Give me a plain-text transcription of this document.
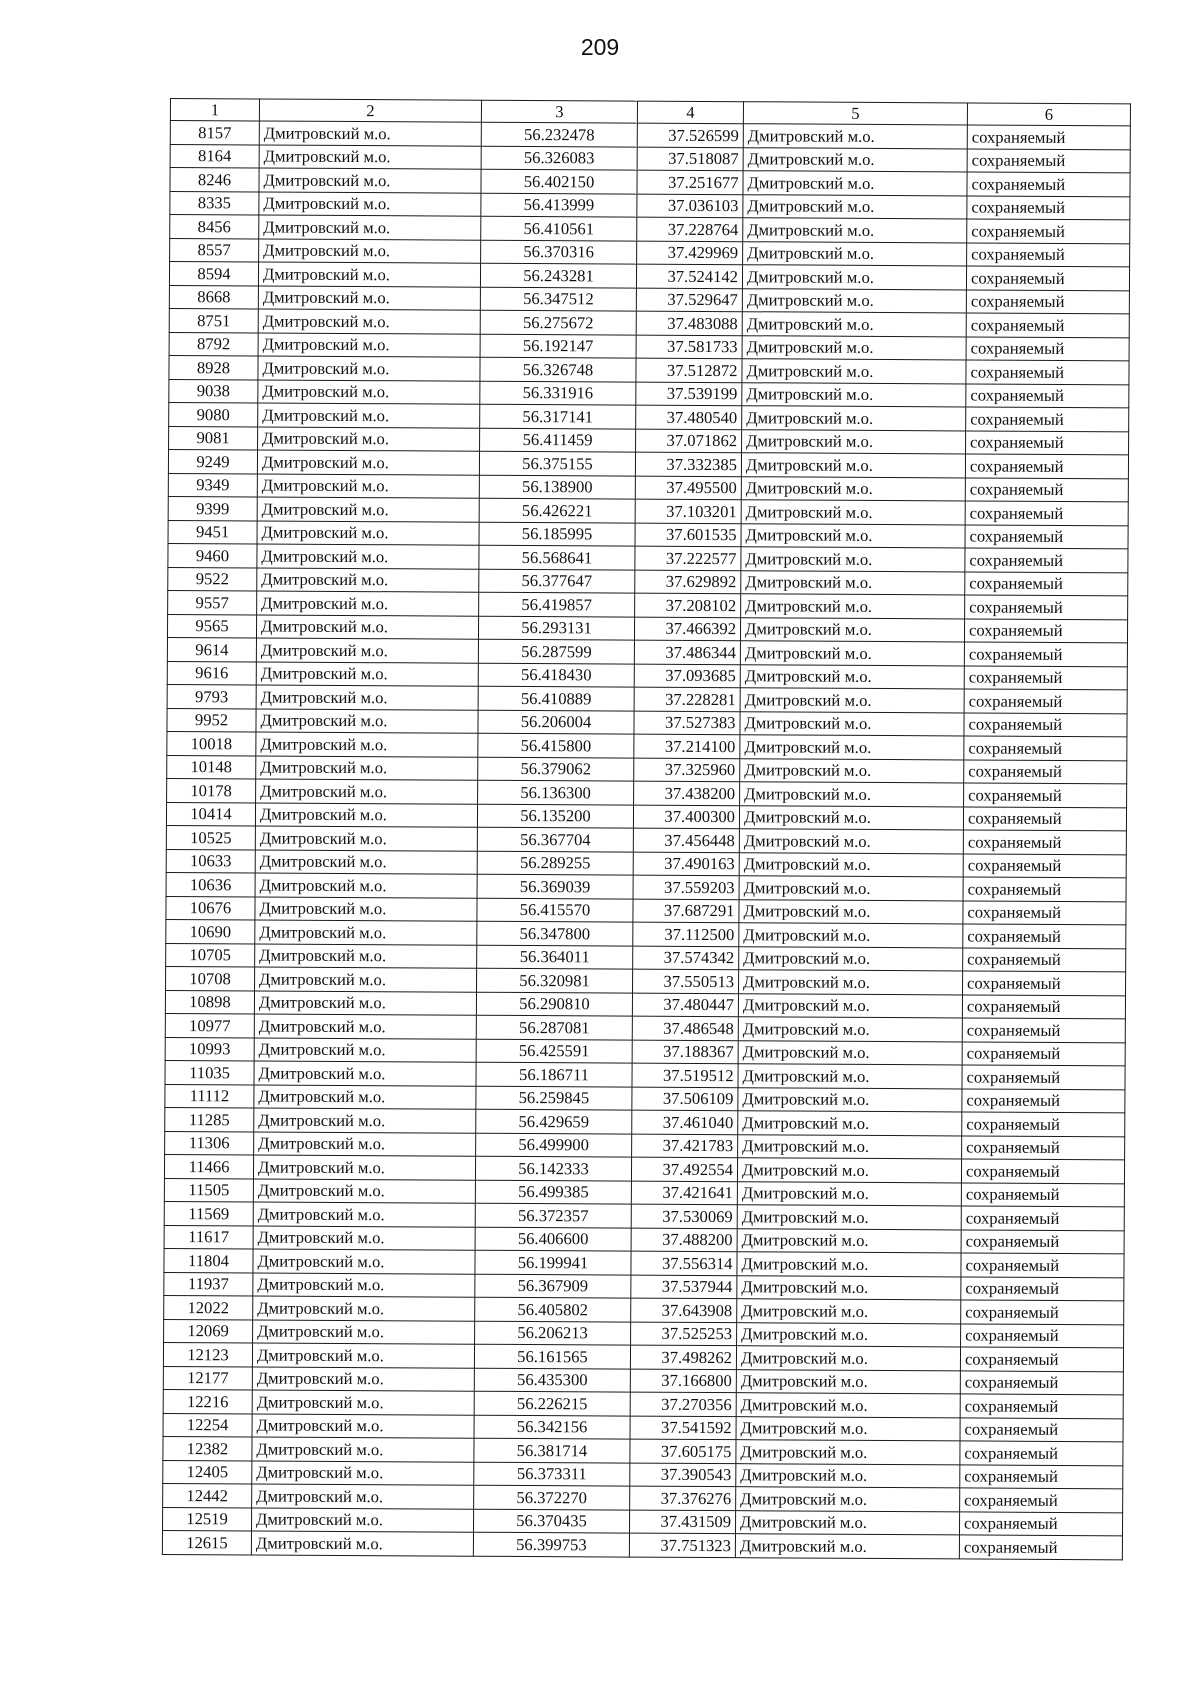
209
1	2	3	4	5	6
8157	Дмитровский м.о.	56.232478	37.526599	Дмитровский м.о.	сохраняемый
8164	Дмитровский м.о.	56.326083	37.518087	Дмитровский м.о.	сохраняемый
8246	Дмитровский м.о.	56.402150	37.251677	Дмитровский м.о.	сохраняемый
8335	Дмитровский м.о.	56.413999	37.036103	Дмитровский м.о.	сохраняемый
8456	Дмитровский м.о.	56.410561	37.228764	Дмитровский м.о.	сохраняемый
8557	Дмитровский м.о.	56.370316	37.429969	Дмитровский м.о.	сохраняемый
8594	Дмитровский м.о.	56.243281	37.524142	Дмитровский м.о.	сохраняемый
8668	Дмитровский м.о.	56.347512	37.529647	Дмитровский м.о.	сохраняемый
8751	Дмитровский м.о.	56.275672	37.483088	Дмитровский м.о.	сохраняемый
8792	Дмитровский м.о.	56.192147	37.581733	Дмитровский м.о.	сохраняемый
8928	Дмитровский м.о.	56.326748	37.512872	Дмитровский м.о.	сохраняемый
9038	Дмитровский м.о.	56.331916	37.539199	Дмитровский м.о.	сохраняемый
9080	Дмитровский м.о.	56.317141	37.480540	Дмитровский м.о.	сохраняемый
9081	Дмитровский м.о.	56.411459	37.071862	Дмитровский м.о.	сохраняемый
9249	Дмитровский м.о.	56.375155	37.332385	Дмитровский м.о.	сохраняемый
9349	Дмитровский м.о.	56.138900	37.495500	Дмитровский м.о.	сохраняемый
9399	Дмитровский м.о.	56.426221	37.103201	Дмитровский м.о.	сохраняемый
9451	Дмитровский м.о.	56.185995	37.601535	Дмитровский м.о.	сохраняемый
9460	Дмитровский м.о.	56.568641	37.222577	Дмитровский м.о.	сохраняемый
9522	Дмитровский м.о.	56.377647	37.629892	Дмитровский м.о.	сохраняемый
9557	Дмитровский м.о.	56.419857	37.208102	Дмитровский м.о.	сохраняемый
9565	Дмитровский м.о.	56.293131	37.466392	Дмитровский м.о.	сохраняемый
9614	Дмитровский м.о.	56.287599	37.486344	Дмитровский м.о.	сохраняемый
9616	Дмитровский м.о.	56.418430	37.093685	Дмитровский м.о.	сохраняемый
9793	Дмитровский м.о.	56.410889	37.228281	Дмитровский м.о.	сохраняемый
9952	Дмитровский м.о.	56.206004	37.527383	Дмитровский м.о.	сохраняемый
10018	Дмитровский м.о.	56.415800	37.214100	Дмитровский м.о.	сохраняемый
10148	Дмитровский м.о.	56.379062	37.325960	Дмитровский м.о.	сохраняемый
10178	Дмитровский м.о.	56.136300	37.438200	Дмитровский м.о.	сохраняемый
10414	Дмитровский м.о.	56.135200	37.400300	Дмитровский м.о.	сохраняемый
10525	Дмитровский м.о.	56.367704	37.456448	Дмитровский м.о.	сохраняемый
10633	Дмитровский м.о.	56.289255	37.490163	Дмитровский м.о.	сохраняемый
10636	Дмитровский м.о.	56.369039	37.559203	Дмитровский м.о.	сохраняемый
10676	Дмитровский м.о.	56.415570	37.687291	Дмитровский м.о.	сохраняемый
10690	Дмитровский м.о.	56.347800	37.112500	Дмитровский м.о.	сохраняемый
10705	Дмитровский м.о.	56.364011	37.574342	Дмитровский м.о.	сохраняемый
10708	Дмитровский м.о.	56.320981	37.550513	Дмитровский м.о.	сохраняемый
10898	Дмитровский м.о.	56.290810	37.480447	Дмитровский м.о.	сохраняемый
10977	Дмитровский м.о.	56.287081	37.486548	Дмитровский м.о.	сохраняемый
10993	Дмитровский м.о.	56.425591	37.188367	Дмитровский м.о.	сохраняемый
11035	Дмитровский м.о.	56.186711	37.519512	Дмитровский м.о.	сохраняемый
11112	Дмитровский м.о.	56.259845	37.506109	Дмитровский м.о.	сохраняемый
11285	Дмитровский м.о.	56.429659	37.461040	Дмитровский м.о.	сохраняемый
11306	Дмитровский м.о.	56.499900	37.421783	Дмитровский м.о.	сохраняемый
11466	Дмитровский м.о.	56.142333	37.492554	Дмитровский м.о.	сохраняемый
11505	Дмитровский м.о.	56.499385	37.421641	Дмитровский м.о.	сохраняемый
11569	Дмитровский м.о.	56.372357	37.530069	Дмитровский м.о.	сохраняемый
11617	Дмитровский м.о.	56.406600	37.488200	Дмитровский м.о.	сохраняемый
11804	Дмитровский м.о.	56.199941	37.556314	Дмитровский м.о.	сохраняемый
11937	Дмитровский м.о.	56.367909	37.537944	Дмитровский м.о.	сохраняемый
12022	Дмитровский м.о.	56.405802	37.643908	Дмитровский м.о.	сохраняемый
12069	Дмитровский м.о.	56.206213	37.525253	Дмитровский м.о.	сохраняемый
12123	Дмитровский м.о.	56.161565	37.498262	Дмитровский м.о.	сохраняемый
12177	Дмитровский м.о.	56.435300	37.166800	Дмитровский м.о.	сохраняемый
12216	Дмитровский м.о.	56.226215	37.270356	Дмитровский м.о.	сохраняемый
12254	Дмитровский м.о.	56.342156	37.541592	Дмитровский м.о.	сохраняемый
12382	Дмитровский м.о.	56.381714	37.605175	Дмитровский м.о.	сохраняемый
12405	Дмитровский м.о.	56.373311	37.390543	Дмитровский м.о.	сохраняемый
12442	Дмитровский м.о.	56.372270	37.376276	Дмитровский м.о.	сохраняемый
12519	Дмитровский м.о.	56.370435	37.431509	Дмитровский м.о.	сохраняемый
12615	Дмитровский м.о.	56.399753	37.751323	Дмитровский м.о.	сохраняемый
